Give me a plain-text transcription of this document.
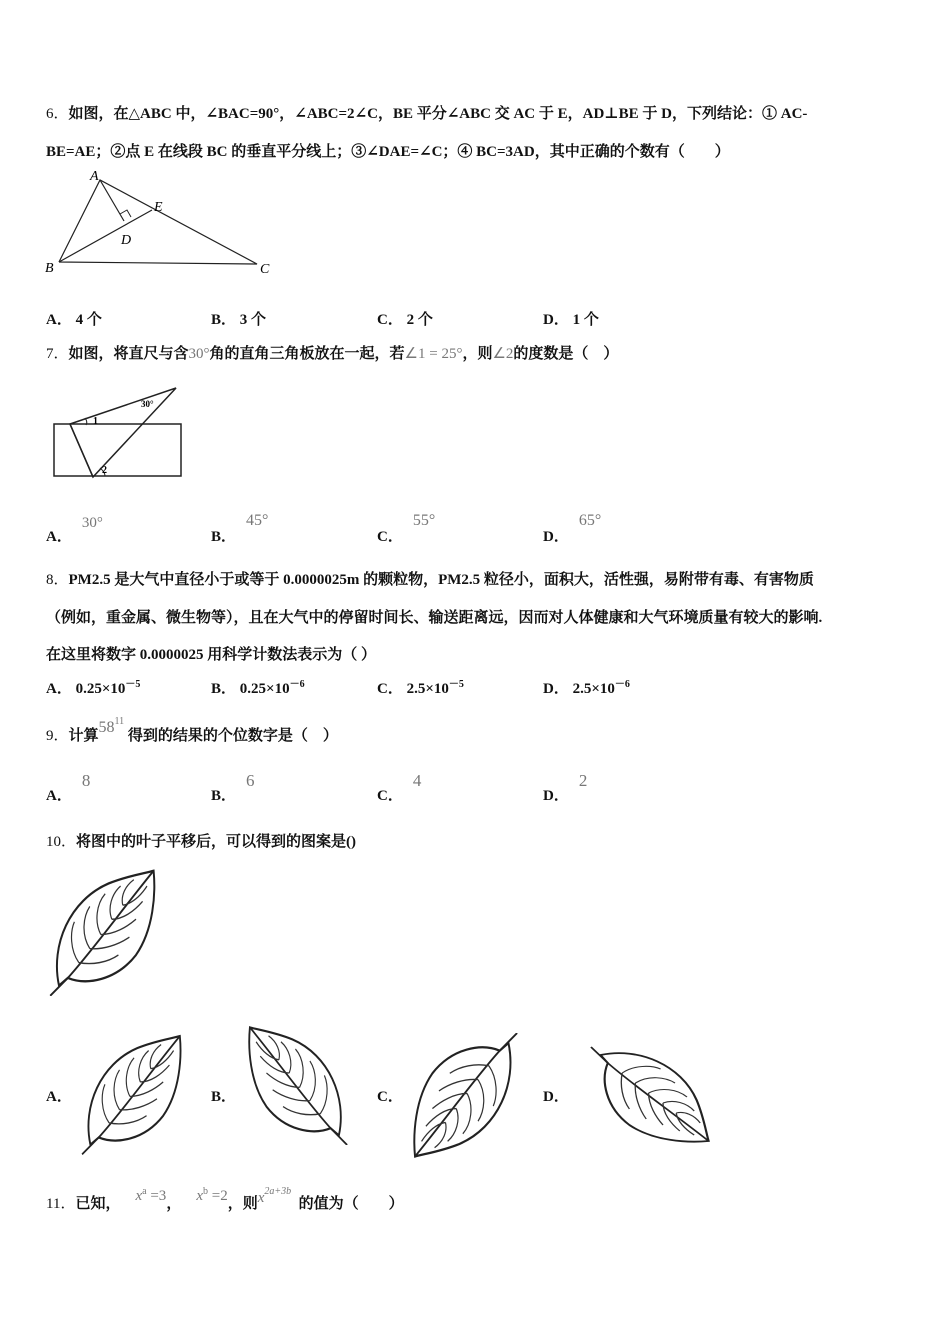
6．如图，在△ABC 中，∠BAC=90°，∠ABC=2∠C，BE 平分∠ABC 交 AC 于 E，AD⊥BE 于 D，下列结论：① AC-
BE=AE；②点 E 在线段 BC 的垂直平分线上；③∠DAE=∠C；④ BC=3AD，其中正确的个数有（　　）
A
B	C
D
E
A． 4 个	B． 3 个	C． 2 个	D． 1 个
7．如图，将直尺与含30°角的直角三角板放在一起，若∠1 = 25°，则∠2的度数是（　）
30°
1
2
A．30°
B．45°
C．55°
D．65°
8．PM2.5 是大气中直径小于或等于 0.0000025m 的颗粒物，PM2.5 粒径小，面积大，活性强，易附带有毒、有害物质
（例如，重金属、微生物等），且在大气中的停留时间长、输送距离远，因而对人体健康和大气环境质量有较大的影响.
在这里将数字 0.0000025 用科学计数法表示为（ ）
A． $0.25\times 10^{-5}$	B． $0.25\times 10^{-6}$	C． $2.5\times 10^{-5}$	D． $2.5\times 10^{-6}$
9．计算$58^{11}$ 得到的结果的个位数字是（　）
A．8
B．6
C．4
D．2
10．将图中的叶子平移后，可以得到的图案是()
A．	B．	C．	D．
11．已知， $x^a =3$， $x^b =2$，则$x^{2a+3b}$  的值为（　　）
